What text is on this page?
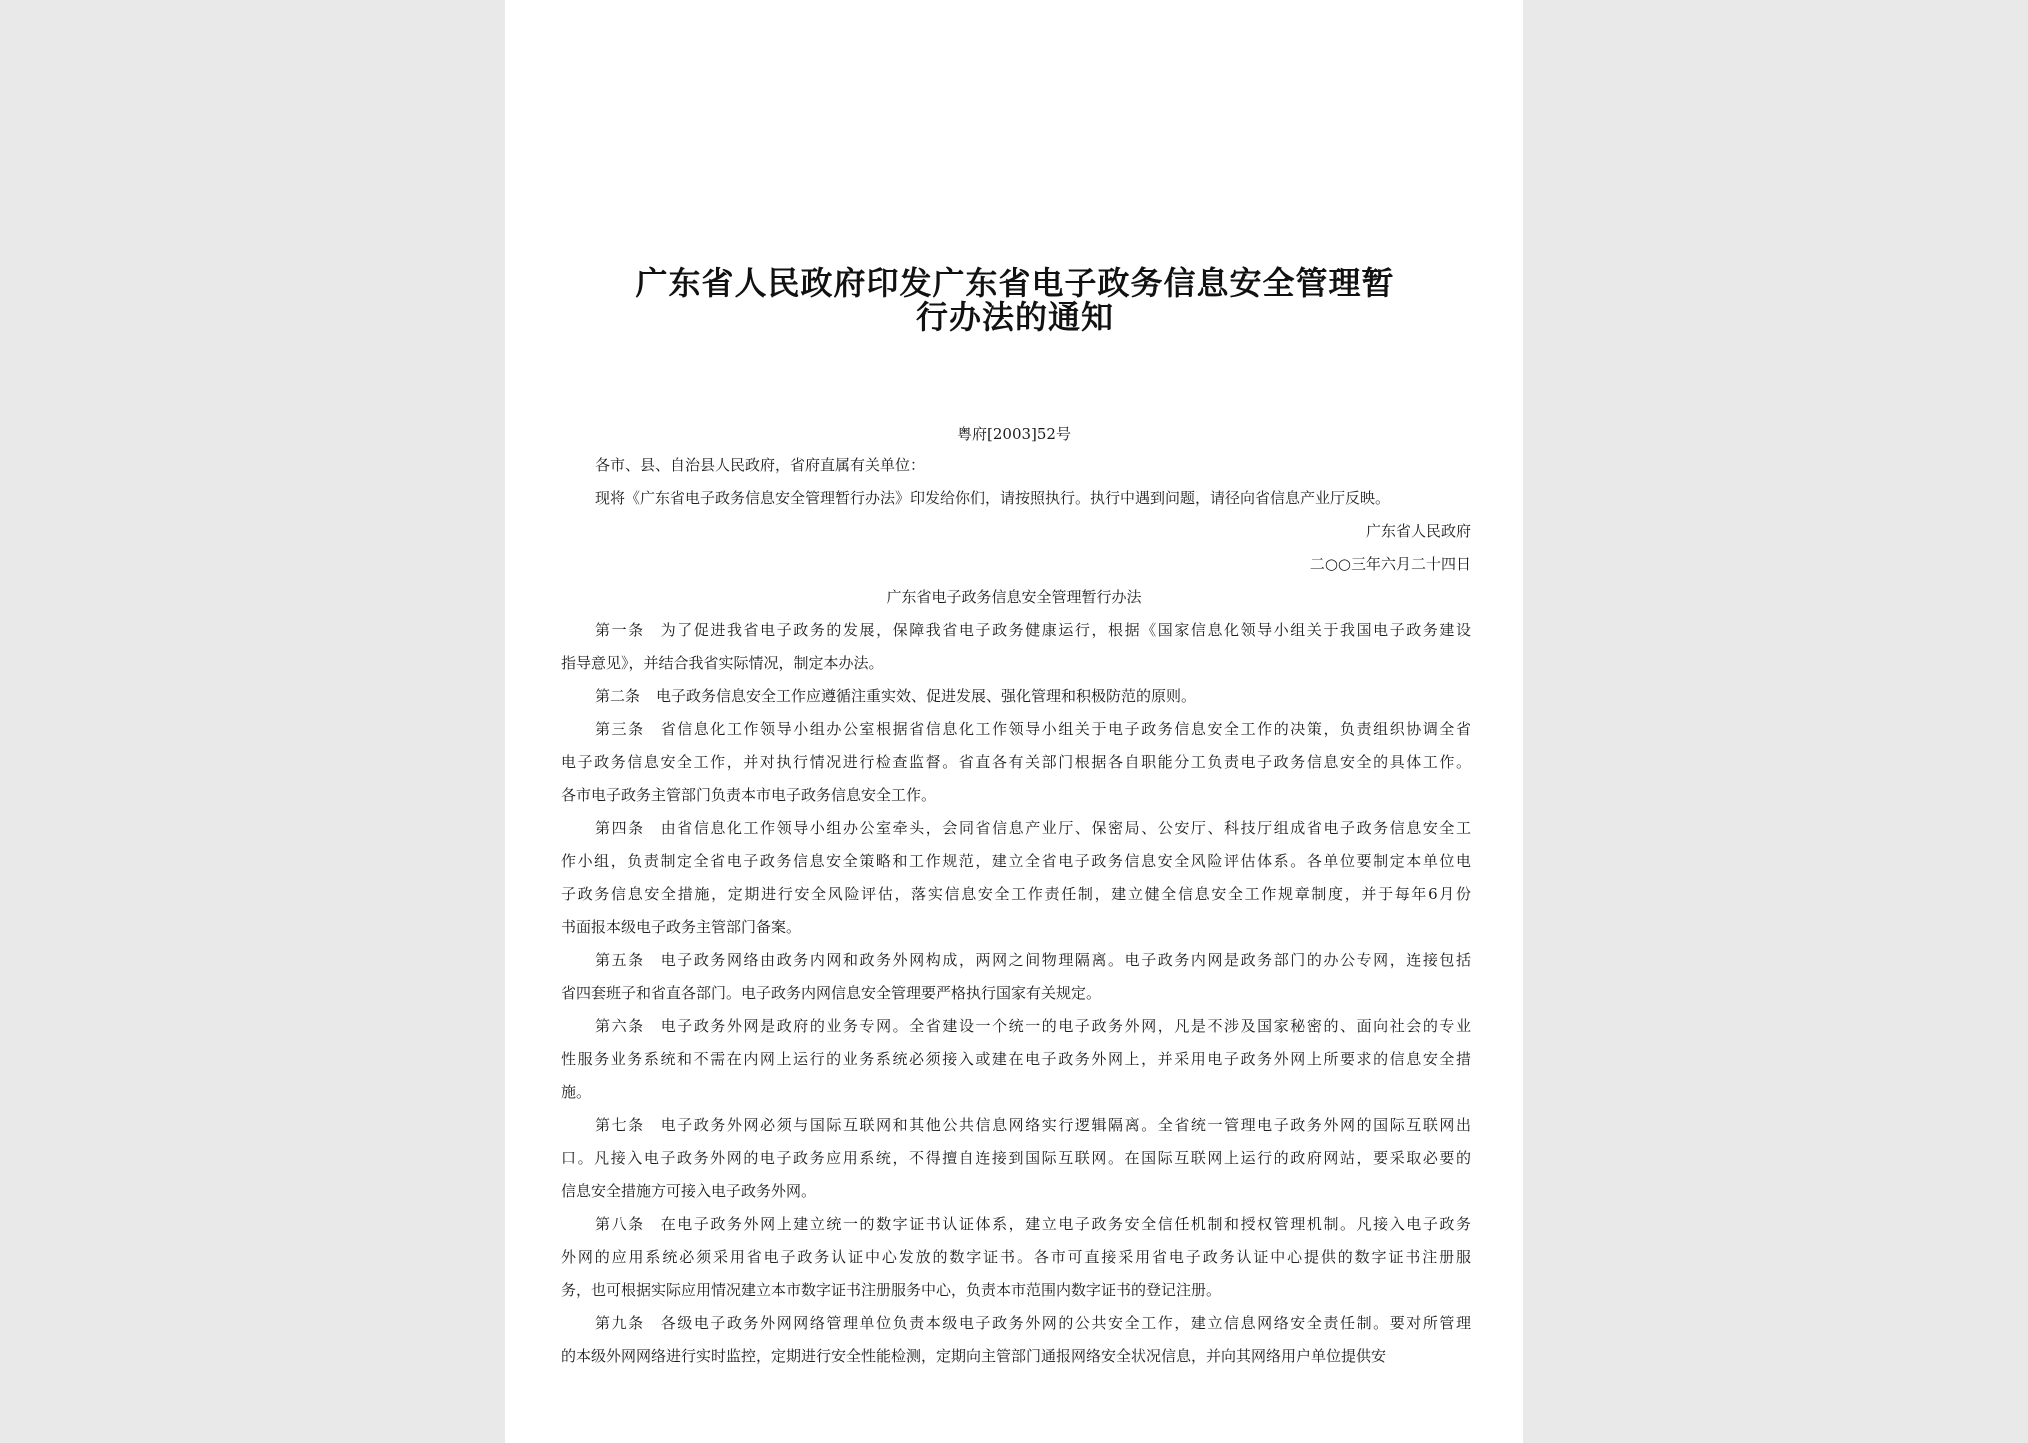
广东省人民政府印发广东省电子政务信息安全管理暂
行办法的通知

粤府[2003]52号

各市、县、自治县人民政府，省府直属有关单位：

现将《广东省电子政务信息安全管理暂行办法》印发给你们，请按照执行。执行中遇到问题，请径向省信息产业厅反映。

广东省人民政府

二○○三年六月二十四日

广东省电子政务信息安全管理暂行办法

第一条 为了促进我省电子政务的发展，保障我省电子政务健康运行，根据《国家信息化领导小组关于我国电子政务建设

指导意见》，并结合我省实际情况，制定本办法。

第二条 电子政务信息安全工作应遵循注重实效、促进发展、强化管理和积极防范的原则。

第三条 省信息化工作领导小组办公室根据省信息化工作领导小组关于电子政务信息安全工作的决策，负责组织协调全省

电子政务信息安全工作，并对执行情况进行检查监督。省直各有关部门根据各自职能分工负责电子政务信息安全的具体工作。

各市电子政务主管部门负责本市电子政务信息安全工作。

第四条 由省信息化工作领导小组办公室牵头，会同省信息产业厅、保密局、公安厅、科技厅组成省电子政务信息安全工

作小组，负责制定全省电子政务信息安全策略和工作规范，建立全省电子政务信息安全风险评估体系。各单位要制定本单位电

子政务信息安全措施，定期进行安全风险评估，落实信息安全工作责任制，建立健全信息安全工作规章制度，并于每年6月份

书面报本级电子政务主管部门备案。

第五条 电子政务网络由政务内网和政务外网构成，两网之间物理隔离。电子政务内网是政务部门的办公专网，连接包括

省四套班子和省直各部门。电子政务内网信息安全管理要严格执行国家有关规定。

第六条 电子政务外网是政府的业务专网。全省建设一个统一的电子政务外网，凡是不涉及国家秘密的、面向社会的专业

性服务业务系统和不需在内网上运行的业务系统必须接入或建在电子政务外网上，并采用电子政务外网上所要求的信息安全措

施。

第七条 电子政务外网必须与国际互联网和其他公共信息网络实行逻辑隔离。全省统一管理电子政务外网的国际互联网出

口。凡接入电子政务外网的电子政务应用系统，不得擅自连接到国际互联网。在国际互联网上运行的政府网站，要采取必要的

信息安全措施方可接入电子政务外网。

第八条 在电子政务外网上建立统一的数字证书认证体系，建立电子政务安全信任机制和授权管理机制。凡接入电子政务

外网的应用系统必须采用省电子政务认证中心发放的数字证书。各市可直接采用省电子政务认证中心提供的数字证书注册服

务，也可根据实际应用情况建立本市数字证书注册服务中心，负责本市范围内数字证书的登记注册。

第九条 各级电子政务外网网络管理单位负责本级电子政务外网的公共安全工作，建立信息网络安全责任制。要对所管理

的本级外网网络进行实时监控，定期进行安全性能检测，定期向主管部门通报网络安全状况信息，并向其网络用户单位提供安
